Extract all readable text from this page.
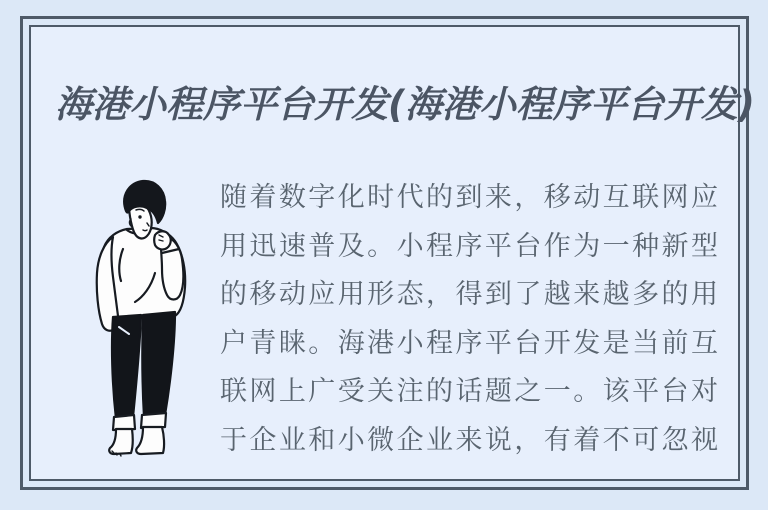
海港小程序平台开发(海港小程序平台开发)
随着数字化时代的到来，移动互联网应
用迅速普及。小程序平台作为一种新型
的移动应用形态，得到了越来越多的用
户青睐。海港小程序平台开发是当前互
联网上广受关注的话题之一。该平台对
于企业和小微企业来说，有着不可忽视
